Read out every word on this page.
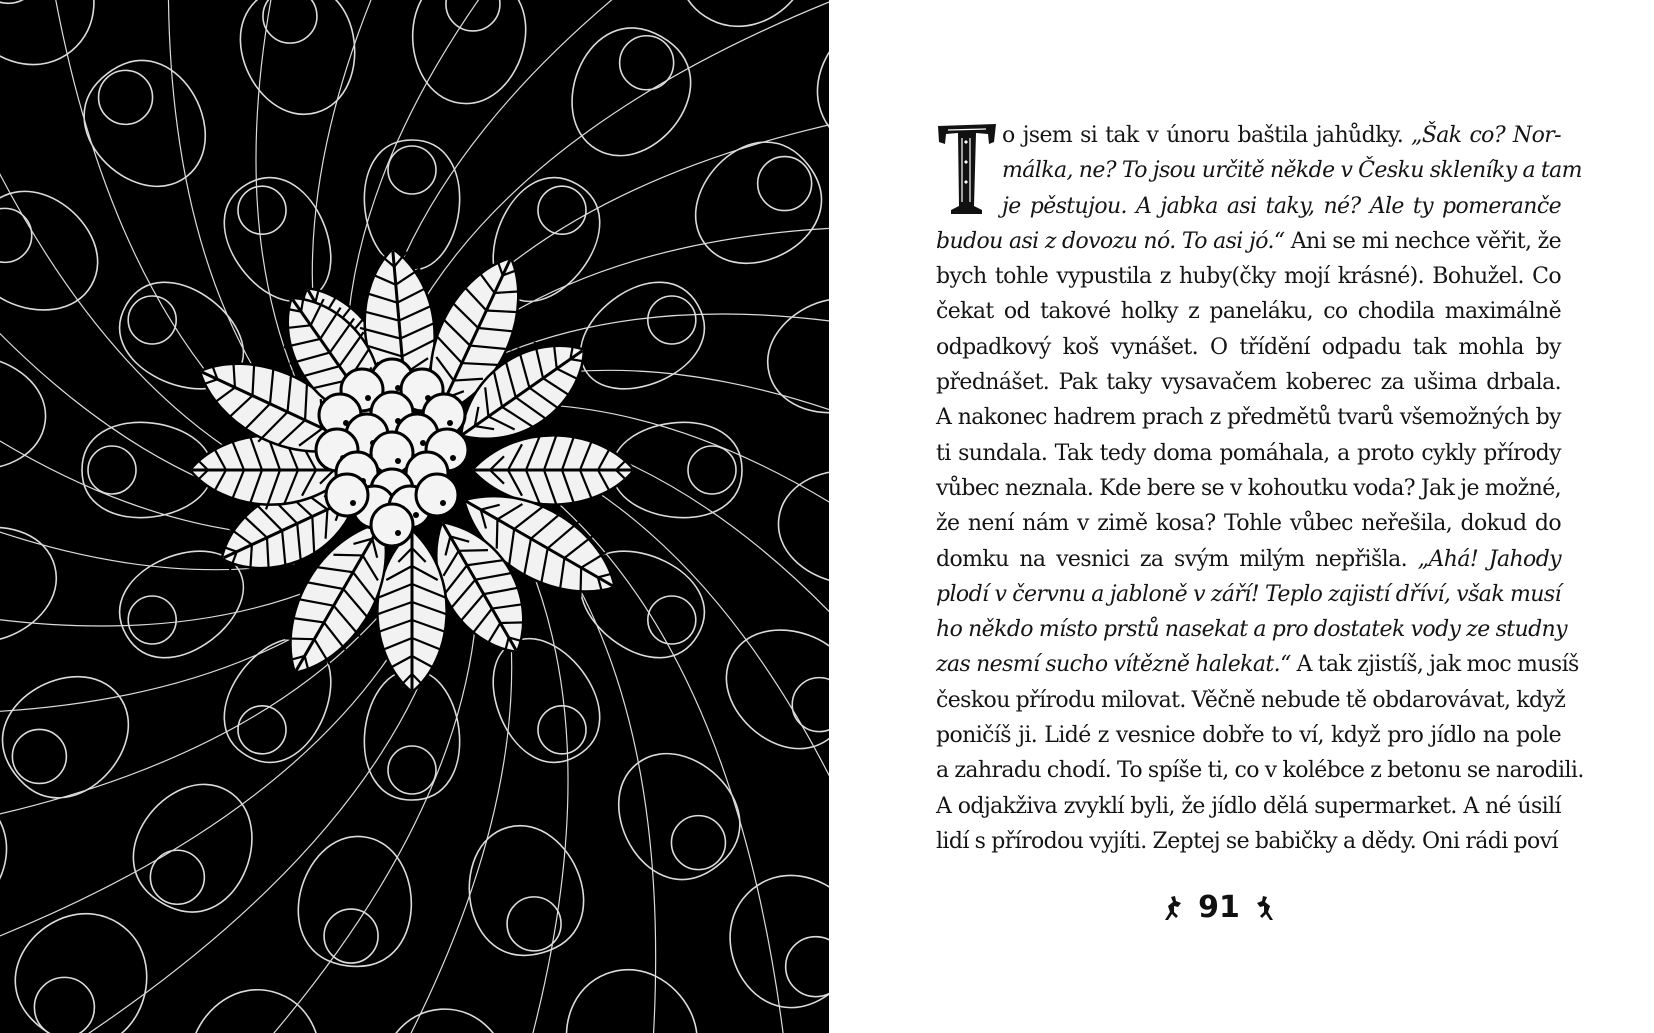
o jsem si tak v únoru baštila jahůdky. „Šak co? Nor-
málka, ne? To jsou určitě někde v Česku skleníky a tam
je pěstujou. A jabka asi taky, né? Ale ty pomeranče
budou asi z dovozu nó. To asi jó.“ Ani se mi nechce věřit, že
bych tohle vypustila z huby(čky mojí krásné). Bohužel. Co
čekat od takové holky z paneláku, co chodila maximálně
odpadkový koš vynášet. O třídění odpadu tak mohla by
přednášet. Pak taky vysavačem koberec za ušima drbala.
A nakonec hadrem prach z předmětů tvarů všemožných by
ti sundala. Tak tedy doma pomáhala, a proto cykly přírody
vůbec neznala. Kde bere se v kohoutku voda? Jak je možné,
že není nám v zimě kosa? Tohle vůbec neřešila, dokud do
domku na vesnici za svým milým nepřišla. „Ahá! Jahody
plodí v červnu a jabloně v září! Teplo zajistí dříví, však musí
ho někdo místo prstů nasekat a pro dostatek vody ze studny
zas nesmí sucho vítězně halekat.“ A tak zjistíš, jak moc musíš
českou přírodu milovat. Věčně nebude tě obdarovávat, když
poničíš ji. Lidé z vesnice dobře to ví, když pro jídlo na pole
a zahradu chodí. To spíše ti, co v kolébce z betonu se narodili.
A odjakživa zvyklí byli, že jídlo dělá supermarket. A né úsilí
lidí s přírodou vyjíti. Zeptej se babičky a dědy. Oni rádi poví
91
